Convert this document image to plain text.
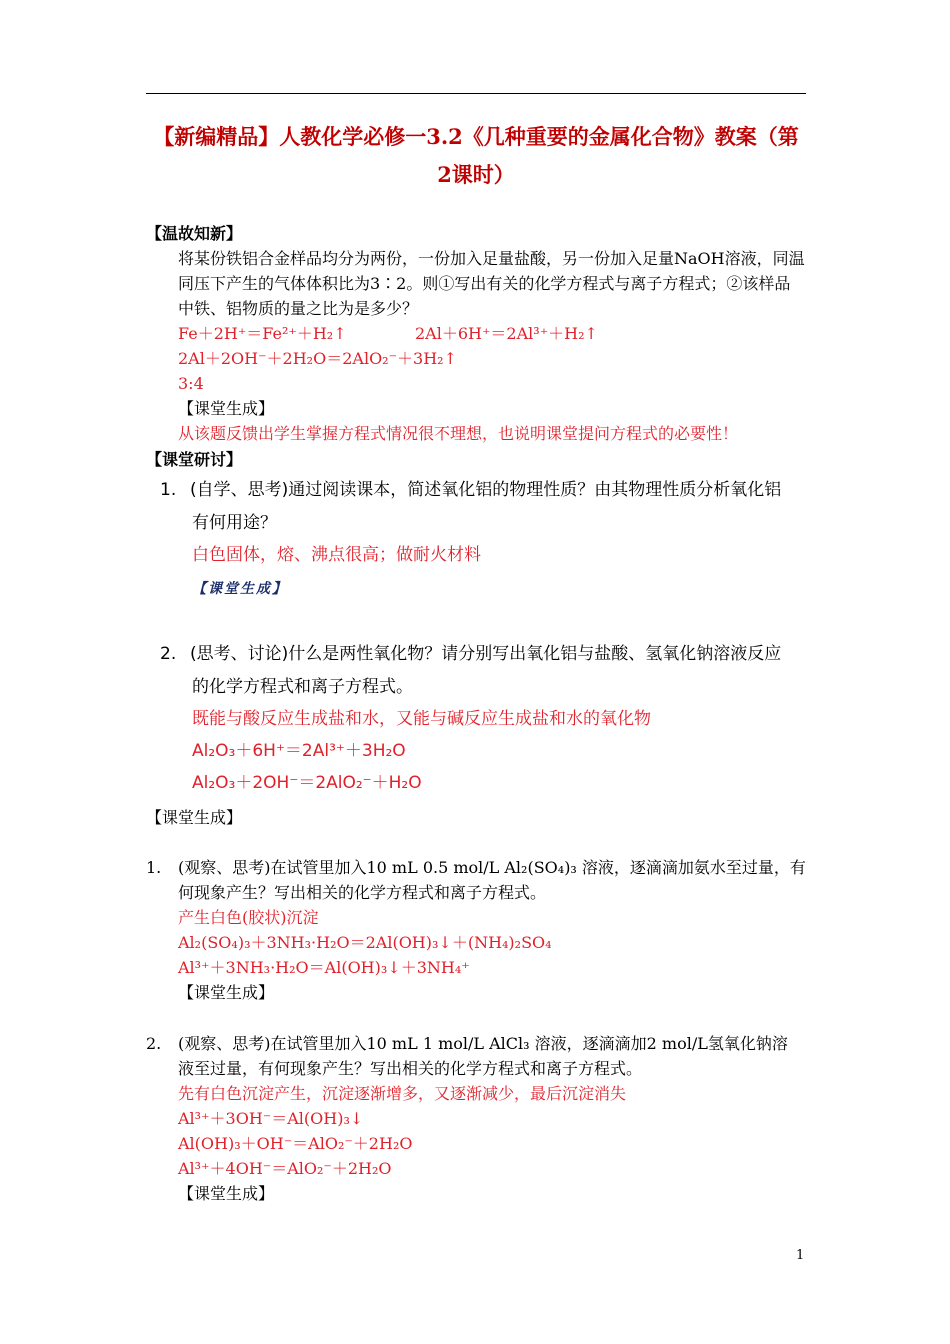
【新编精品】人教化学必修一3.2《几种重要的金属化合物》教案（第2课时）
【温故知新】
将某份铁铝合金样品均分为两份，一份加入足量盐酸，另一份加入足量NaOH溶液，同温
同压下产生的气体体积比为3∶2。则①写出有关的化学方程式与离子方程式；②该样品
中铁、铝物质的量之比为是多少？
Fe＋2H⁺＝Fe²⁺＋H₂↑	2Al＋6H⁺＝2Al³⁺＋H₂↑
2Al＋2OH⁻＋2H₂O＝2AlO₂⁻＋3H₂↑
3:4
【课堂生成】
从该题反馈出学生掌握方程式情况很不理想，也说明课堂提问方程式的必要性！
【课堂研讨】
1. (自学、思考)通过阅读课本，简述氧化铝的物理性质？由其物理性质分析氧化铝
有何用途？
白色固体，熔、沸点很高；做耐火材料
【课堂生成】
2. (思考、讨论)什么是两性氧化物？请分别写出氧化铝与盐酸、氢氧化钠溶液反应
的化学方程式和离子方程式。
既能与酸反应生成盐和水，又能与碱反应生成盐和水的氧化物
Al₂O₃＋6H⁺＝2Al³⁺＋3H₂O
Al₂O₃＋2OH⁻＝2AlO₂⁻＋H₂O
【课堂生成】
1. (观察、思考)在试管里加入10 mL 0.5 mol/L Al₂(SO₄)₃ 溶液，逐滴滴加氨水至过量，有
何现象产生？写出相关的化学方程式和离子方程式。
产生白色(胶状)沉淀
Al₂(SO₄)₃＋3NH₃·H₂O＝2Al(OH)₃↓＋(NH₄)₂SO₄
Al³⁺＋3NH₃·H₂O＝Al(OH)₃↓＋3NH₄⁺
【课堂生成】
2. (观察、思考)在试管里加入10 mL 1 mol/L AlCl₃ 溶液，逐滴滴加2 mol/L氢氧化钠溶
液至过量，有何现象产生？写出相关的化学方程式和离子方程式。
先有白色沉淀产生，沉淀逐渐增多，又逐渐减少，最后沉淀消失
Al³⁺＋3OH⁻＝Al(OH)₃↓
Al(OH)₃＋OH⁻＝AlO₂⁻＋2H₂O
Al³⁺＋4OH⁻＝AlO₂⁻＋2H₂O
【课堂生成】
1
